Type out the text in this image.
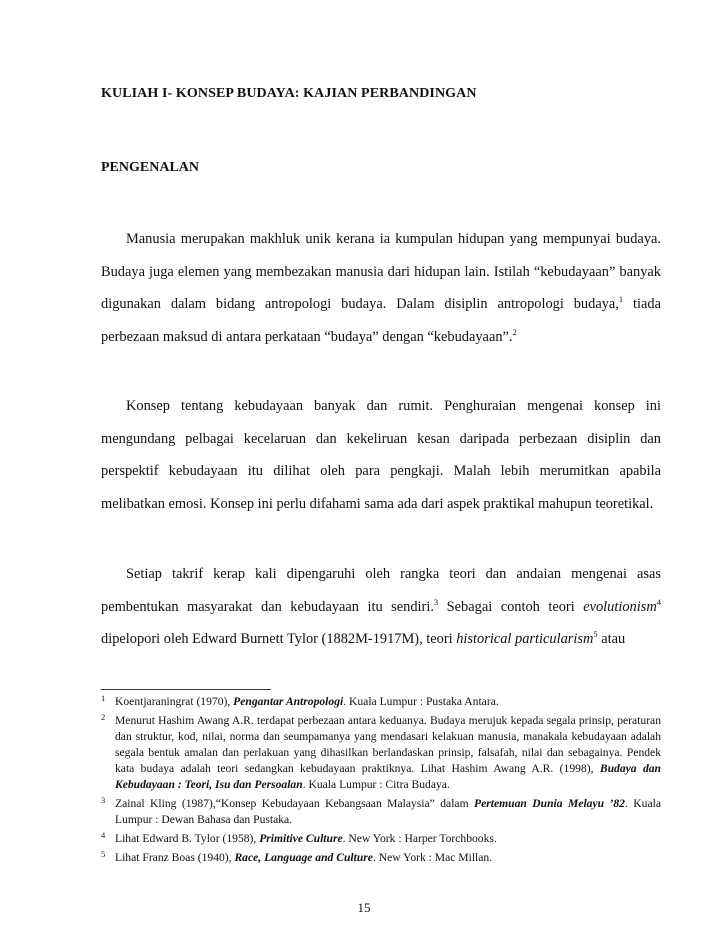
KULIAH I- KONSEP BUDAYA: KAJIAN PERBANDINGAN
PENGENALAN

Manusia merupakan makhluk unik kerana ia kumpulan hidupan yang mempunyai budaya. Budaya juga elemen yang membezakan manusia dari hidupan lain. Istilah “kebudayaan” banyak digunakan dalam bidang antropologi budaya. Dalam disiplin antropologi budaya,$^1$ tiada perbezaan maksud di antara perkataan “budaya” dengan “kebudayaan”.$^2$

Konsep tentang kebudayaan banyak dan rumit. Penghuraian mengenai konsep ini mengundang pelbagai kecelaruan dan kekeliruan kesan daripada perbezaan disiplin dan perspektif kebudayaan itu dilihat oleh para pengkaji. Malah lebih merumitkan apabila melibatkan emosi. Konsep ini perlu difahami sama ada dari aspek praktikal mahupun teoretikal.

Setiap takrif kerap kali dipengaruhi oleh rangka teori dan andaian mengenai asas pembentukan masyarakat dan kebudayaan itu sendiri.$^3$ Sebagai contoh teori evolutionism$^4$ dipelopori oleh Edward Burnett Tylor (1882M-1917M), teori historical particularism$^5$ atau

1 Koentjaraningrat (1970), Pengantar Antropologi. Kuala Lumpur : Pustaka Antara.

2 Menurut Hashim Awang A.R. terdapat perbezaan antara keduanya. Budaya merujuk kepada segala prinsip, peraturan dan struktur, kod, nilai, norma dan seumpamanya yang mendasari kelakuan manusia, manakala kebudayaan adalah segala bentuk amalan dan perlakuan yang dihasilkan berlandaskan prinsip, falsafah, nilai dan sebagainya. Pendek kata budaya adalah teori sedangkan kebudayaan praktiknya. Lihat Hashim Awang A.R. (1998), Budaya dan Kebudayaan : Teori, Isu dan Persoalan. Kuala Lumpur : Citra Budaya.

3 Zainal Kling (1987),“Konsep Kebudayaan Kebangsaan Malaysia” dalam Pertemuan Dunia Melayu ’82. Kuala Lumpur : Dewan Bahasa dan Pustaka.

4 Lihat Edward B. Tylor (1958), Primitive Culture. New York : Harper Torchbooks.

5 Lihat Franz Boas (1940), Race, Language and Culture. New York : Mac Millan.

15
